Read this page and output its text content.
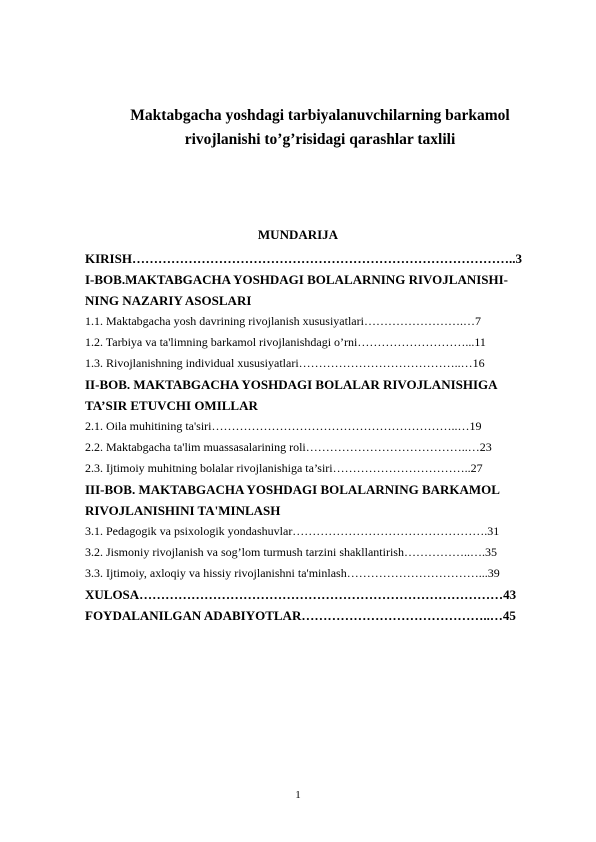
Maktabgacha yoshdagi tarbiyalanuvchilarning barkamol
rivojlanishi to’g’risidagi qarashlar taxlili
MUNDARIJA
KIRISH……………………………………………………………………………..3
I-BOB.MAKTABGACHA YOSHDAGI BOLALARNING RIVOJLANISHI-
NING NAZARIY ASOSLARI
1.1. Maktabgacha yosh davrining rivojlanish xususiyatlari…………………….…7
1.2. Tarbiya va ta'limning barkamol rivojlanishdagi o’rni………………………...11
1.3. Rivojlanishning individual xususiyatlari…………………………………..…16
II-BOB. MAKTABGACHA YOSHDAGI BOLALAR RIVOJLANISHIGA
TA’SIR ETUVCHI OMILLAR
2.1. Oila muhitining ta'siri……………………………………………………..…19
2.2. Maktabgacha ta'lim muassasalarining roli…………………………………..…23
2.3. Ijtimoiy muhitning bolalar rivojlanishiga ta’siri……………………………..27
III-BOB. MAKTABGACHA YOSHDAGI BOLALARNING BARKAMOL
RIVOJLANISHINI TA'MINLASH
3.1. Pedagogik va psixologik yondashuvlar………………………………………….31
3.2. Jismoniy rivojlanish va sog’lom turmush tarzini shakllantirish……………..….35
3.3. Ijtimoiy, axloqiy va hissiy rivojlanishni ta'minlash……………………………...39
XULOSA…………………………………………………………………………43
FOYDALANILGAN ADABIYOTLAR……………………………………..…45
1
